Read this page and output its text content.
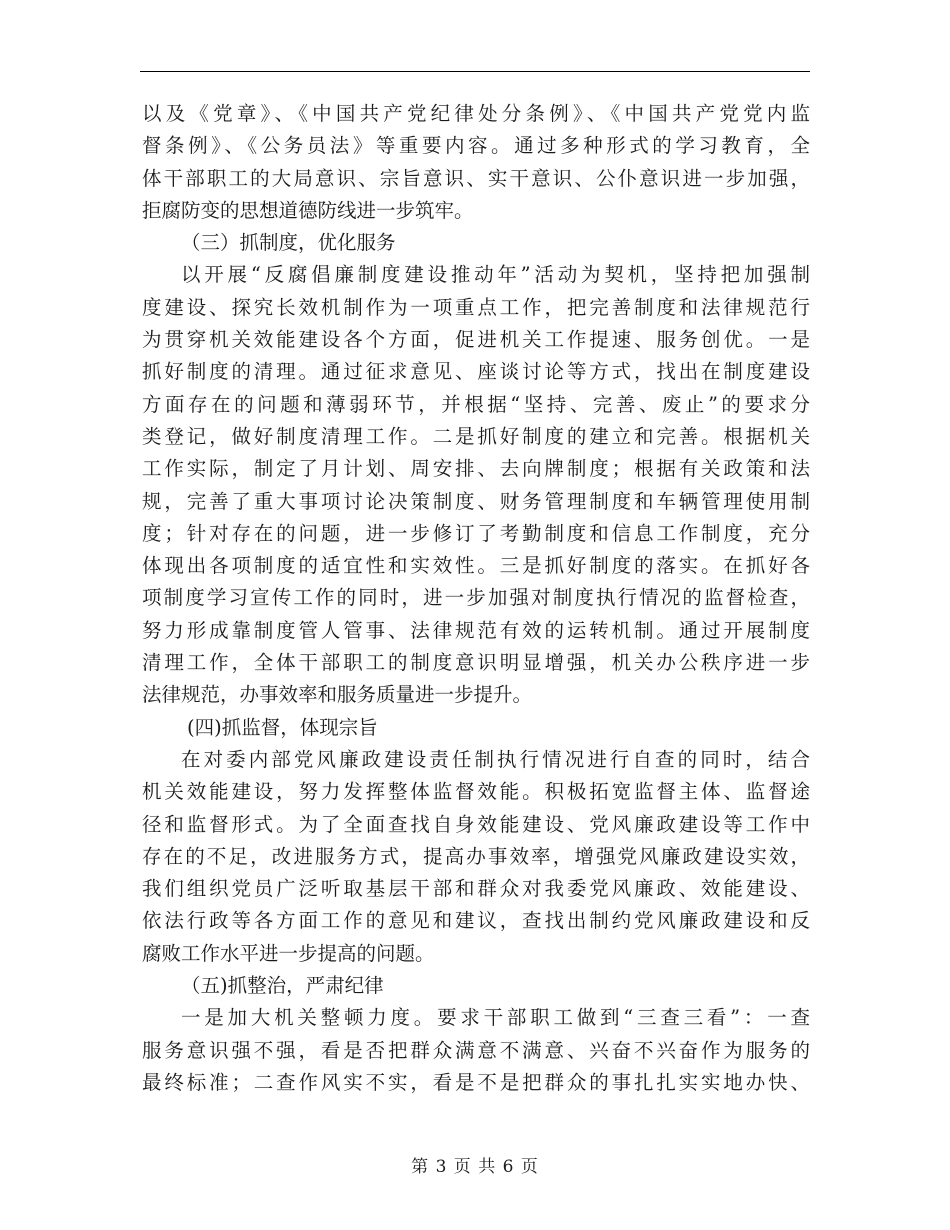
以及《党章》、《中国共产党纪律处分条例》、《中国共产党党内监
督条例》、《公务员法》等重要内容。通过多种形式的学习教育，全
体干部职工的大局意识、宗旨意识、实干意识、公仆意识进一步加强，
拒腐防变的思想道德防线进一步筑牢。
（三）抓制度，优化服务
以开展“反腐倡廉制度建设推动年”活动为契机，坚持把加强制
度建设、探究长效机制作为一项重点工作，把完善制度和法律规范行
为贯穿机关效能建设各个方面，促进机关工作提速、服务创优。一是
抓好制度的清理。通过征求意见、座谈讨论等方式，找出在制度建设
方面存在的问题和薄弱环节，并根据“坚持、完善、废止”的要求分
类登记，做好制度清理工作。二是抓好制度的建立和完善。根据机关
工作实际，制定了月计划、周安排、去向牌制度；根据有关政策和法
规，完善了重大事项讨论决策制度、财务管理制度和车辆管理使用制
度；针对存在的问题，进一步修订了考勤制度和信息工作制度，充分
体现出各项制度的适宜性和实效性。三是抓好制度的落实。在抓好各
项制度学习宣传工作的同时，进一步加强对制度执行情况的监督检查，
努力形成靠制度管人管事、法律规范有效的运转机制。通过开展制度
清理工作，全体干部职工的制度意识明显增强，机关办公秩序进一步
法律规范，办事效率和服务质量进一步提升。
(四)抓监督，体现宗旨
在对委内部党风廉政建设责任制执行情况进行自查的同时，结合
机关效能建设，努力发挥整体监督效能。积极拓宽监督主体、监督途
径和监督形式。为了全面查找自身效能建设、党风廉政建设等工作中
存在的不足，改进服务方式，提高办事效率，增强党风廉政建设实效，
我们组织党员广泛听取基层干部和群众对我委党风廉政、效能建设、
依法行政等各方面工作的意见和建议，查找出制约党风廉政建设和反
腐败工作水平进一步提高的问题。
（五)抓整治，严肃纪律
一是加大机关整顿力度。要求干部职工做到“三查三看”：一查
服务意识强不强，看是否把群众满意不满意、兴奋不兴奋作为服务的
最终标准；二查作风实不实，看是不是把群众的事扎扎实实地办快、
第 3 页 共 6 页
